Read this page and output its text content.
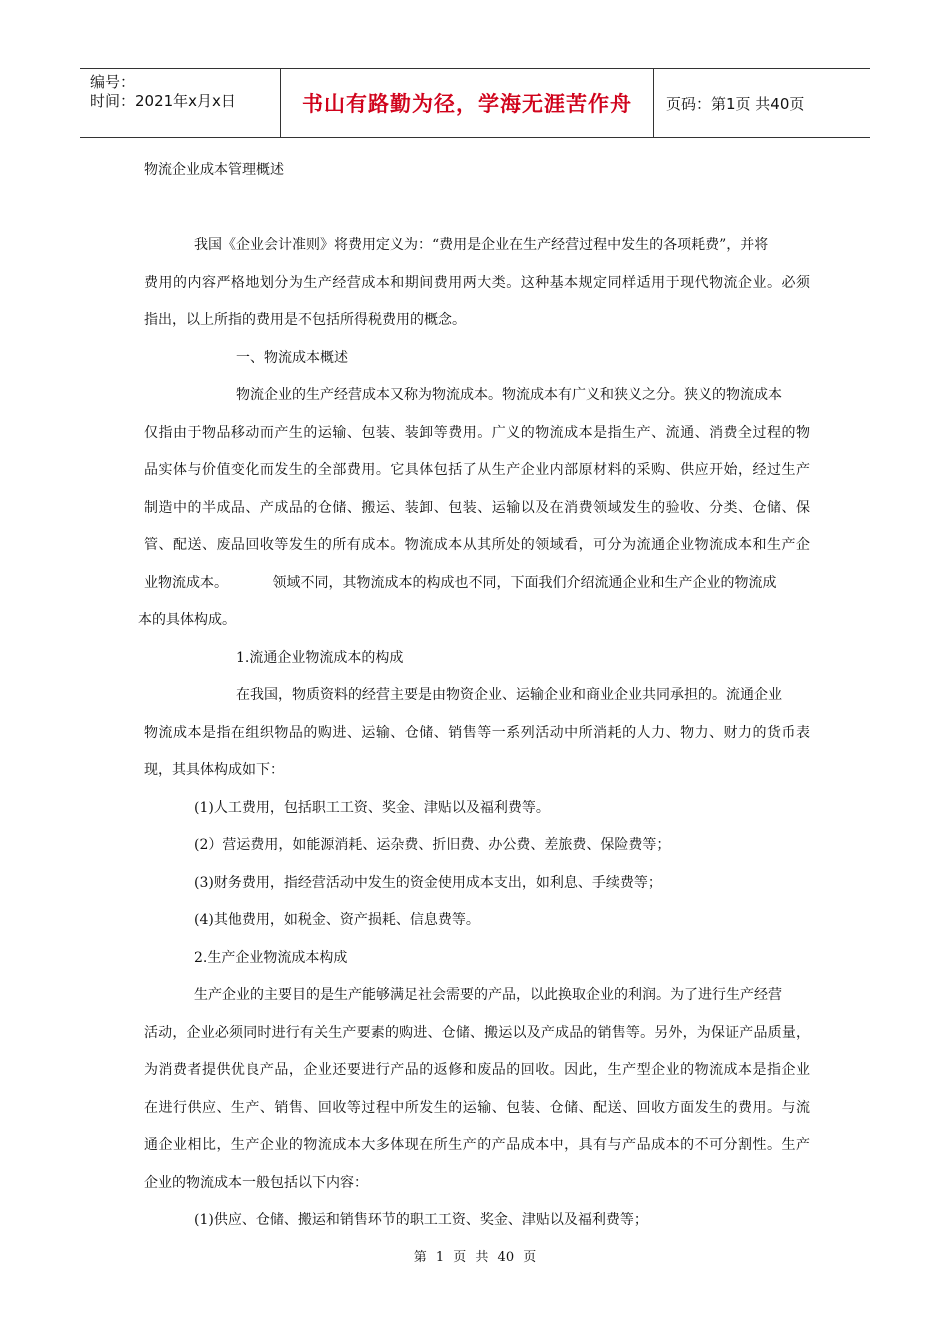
编号：
时间：2021年x月x日	书山有路勤为径，学海无涯苦作舟	页码：第1页 共40页
物流企业成本管理概述
我国《企业会计准则》将费用定义为：“费用是企业在生产经营过程中发生的各项耗费”，并将
费用的内容严格地划分为生产经营成本和期间费用两大类。这种基本规定同样适用于现代物流企业。必须
指出，以上所指的费用是不包括所得税费用的概念。
一、物流成本概述
物流企业的生产经营成本又称为物流成本。物流成本有广义和狭义之分。狭义的物流成本
仅指由于物品移动而产生的运输、包装、装卸等费用。广义的物流成本是指生产、流通、消费全过程的物
品实体与价值变化而发生的全部费用。它具体包括了从生产企业内部原材料的采购、供应开始，经过生产
制造中的半成品、产成品的仓储、搬运、装卸、包装、运输以及在消费领域发生的验收、分类、仓储、保
管、配送、废品回收等发生的所有成本。物流成本从其所处的领域看，可分为流通企业物流成本和生产企
业物流成本。          领域不同，其物流成本的构成也不同，下面我们介绍流通企业和生产企业的物流成
本的具体构成。
1.流通企业物流成本的构成
在我国，物质资料的经营主要是由物资企业、运输企业和商业企业共同承担的。流通企业
物流成本是指在组织物品的购进、运输、仓储、销售等一系列活动中所消耗的人力、物力、财力的货币表
现，其具体构成如下：
(1)人工费用，包括职工工资、奖金、津贴以及福利费等。
(2）营运费用，如能源消耗、运杂费、折旧费、办公费、差旅费、保险费等；
(3)财务费用，指经营活动中发生的资金使用成本支出，如利息、手续费等；
(4)其他费用，如税金、资产损耗、信息费等。
2.生产企业物流成本构成
生产企业的主要目的是生产能够满足社会需要的产品，以此换取企业的利润。为了进行生产经营
活动，企业必须同时进行有关生产要素的购进、仓储、搬运以及产成品的销售等。另外，为保证产品质量，
为消费者提供优良产品，企业还要进行产品的返修和废品的回收。因此，生产型企业的物流成本是指企业
在进行供应、生产、销售、回收等过程中所发生的运输、包装、仓储、配送、回收方面发生的费用。与流
通企业相比，生产企业的物流成本大多体现在所生产的产品成本中，具有与产品成本的不可分割性。生产
企业的物流成本一般包括以下内容：
(1)供应、仓储、搬运和销售环节的职工工资、奖金、津贴以及福利费等；
第 1 页 共 40 页
